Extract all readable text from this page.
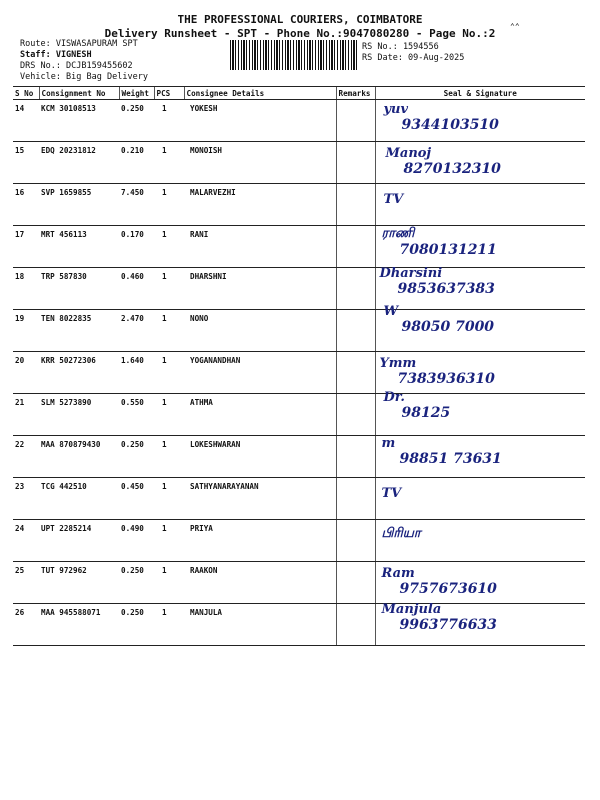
THE PROFESSIONAL COURIERS, COIMBATORE
Delivery Runsheet - SPT - Phone No.:9047080280 - Page No.:2
⌃⌃
Route: VISWASAPURAM SPT
Staff: VIGNESH
DRS No.: DCJB159455602
Vehicle: Big Bag Delivery
RS No.: 1594556
RS Date: 09-Aug-2025
S No	Consignment No	Weight	PCS	Consignee Details	Remarks	Seal & Signature
14	KCM 30108513	0.250	1	YOKESH		yuv
9344103510

15	EDQ 20231812	0.210	1	MONOISH		Manoj
8270132310

16	SVP 1659855	7.450	1	MALARVEZHI		TV

17	MRT 456113	0.170	1	RANI		ராணி
7080131211

18	TRP 587830	0.460	1	DHARSHNI		Dharsini
9853637383

19	TEN 8022835	2.470	1	NONO		W
98050 7000

20	KRR 50272306	1.640	1	YOGANANDHAN		Ymm
7383936310

21	SLM 5273890	0.550	1	ATHMA		Dr.
98125

22	MAA 870879430	0.250	1	LOKESHWARAN		m
98851 73631

23	TCG 442510	0.450	1	SATHYANARAYANAN		TV

24	UPT 2285214	0.490	1	PRIYA		பிரியா

25	TUT 972962	0.250	1	RAAKON		Ram
9757673610

26	MAA 945588071	0.250	1	MANJULA		Manjula
9963776633
